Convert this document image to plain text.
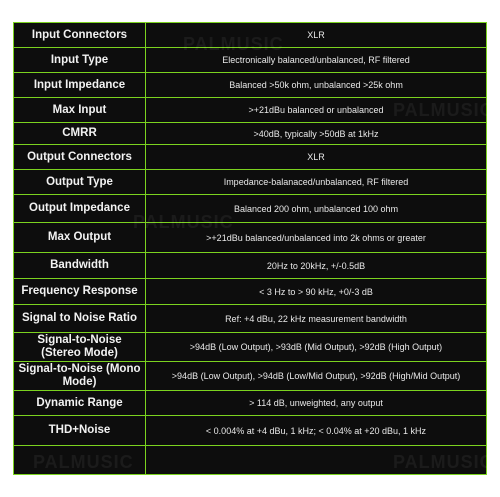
Input Connectors	XLR
Input Type	Electronically balanced/unbalanced, RF filtered
Input Impedance	Balanced >50k ohm, unbalanced >25k ohm
Max Input	>+21dBu balanced or unbalanced
CMRR	>40dB, typically >50dB at 1kHz
Output Connectors	XLR
Output Type	Impedance-balanaced/unbalanced, RF filtered
Output Impedance	Balanced 200 ohm, unbalanced 100 ohm
Max Output	>+21dBu balanced/unbalanced into 2k ohms or greater
Bandwidth	20Hz to 20kHz, +/-0.5dB
Frequency Response	< 3 Hz to > 90 kHz, +0/-3 dB
Signal to Noise Ratio	Ref: +4 dBu, 22 kHz measurement bandwidth
Signal-to-Noise (Stereo Mode)	>94dB (Low Output), >93dB (Mid Output), >92dB (High Output)
Signal-to-Noise (Mono Mode)	>94dB (Low Output), >94dB (Low/Mid Output), >92dB (High/Mid Output)
Dynamic Range	> 114 dB, unweighted, any output
THD+Noise	< 0.004% at +4 dBu, 1 kHz; < 0.04% at +20 dBu, 1 kHz

PALMUSIC
PALMUSIC
PALMUSIC
PALMUSIC	PALMUSIC
